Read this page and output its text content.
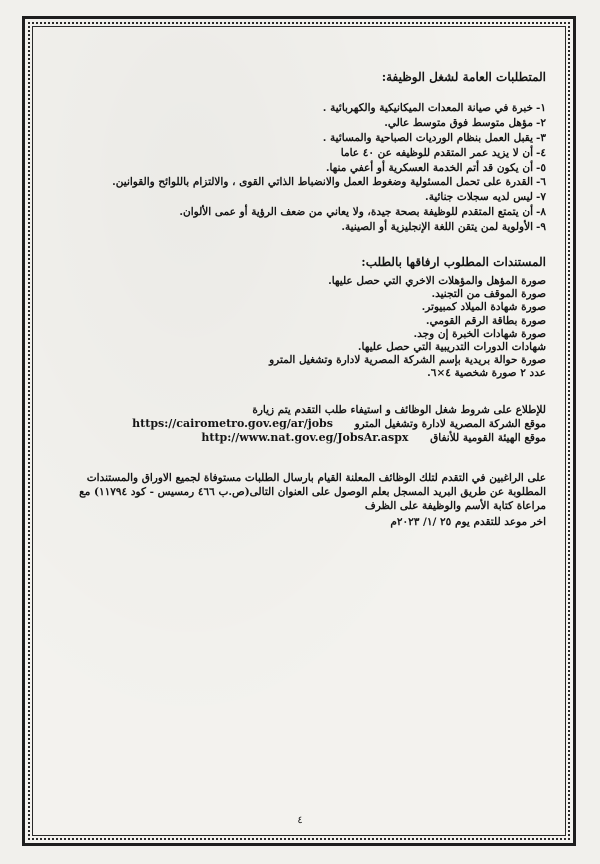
المتطلبات العامة لشغل الوظيفة:
١-خبرة في صيانة المعدات الميكانيكية والكهربائية .
٢-مؤهل متوسط فوق متوسط عالي.
٣-يقبل العمل بنظام الورديات الصباحية والمسائية .
٤-أن لا يزيد عمر المتقدم للوظيفه عن ٤٠ عاما
٥-أن يكون قد أتم الخدمة العسكرية أو أعفي منها.
٦-القدرة على تحمل المسئولية وضغوط العمل والانضباط الذاتي القوى ، والالتزام باللوائح والقوانين.
٧-ليس لديه سجلات جنائية.
٨-أن يتمتع المتقدم للوظيفة بصحة جيدة، ولا يعاني من ضعف الرؤية أو عمى الألوان.
٩-الأولوية لمن يتقن اللغة الإنجليزية أو الصينية.
المستندات المطلوب ارفاقها بالطلب:
صورة المؤهل والمؤهلات الاخري التي حصل عليها.
صورة الموقف من التجنيد.
صورة شهادة الميلاد كمبيوتر.
صورة بطاقة الرقم القومي.
صورة شهادات الخبرة إن وجد.
شهادات الدورات التدريبية التي حصل عليها.
صورة حوالة بريدية بإسم الشركة المصرية لادارة وتشغيل المترو
عدد ٢ صورة شخصية ٤×٦.
للإطلاع على شروط شغل الوظائف و استيفاء طلب التقدم يتم زيارة
موقع الشركة المصرية لادارة وتشغيل المترو https://cairometro.gov.eg/ar/jobs
موقع الهيئة القومية للأنفاق http://www.nat.gov.eg/JobsAr.aspx

على الراغبين في التقدم لتلك الوظائف المعلنة القيام بارسال الطلبات مستوفاة لجميع الاوراق والمستندات المطلوبة عن طريق البريد المسجل بعلم الوصول على العنوان التالى(ص.ب ٤٦٦ رمسيس - كود ١١٧٩٤) مع مراعاة كتابة الأسم والوظيفة على الظرف

اخر موعد للتقدم يوم ٢٥ /١/ ٢٠٢٣م
٤
